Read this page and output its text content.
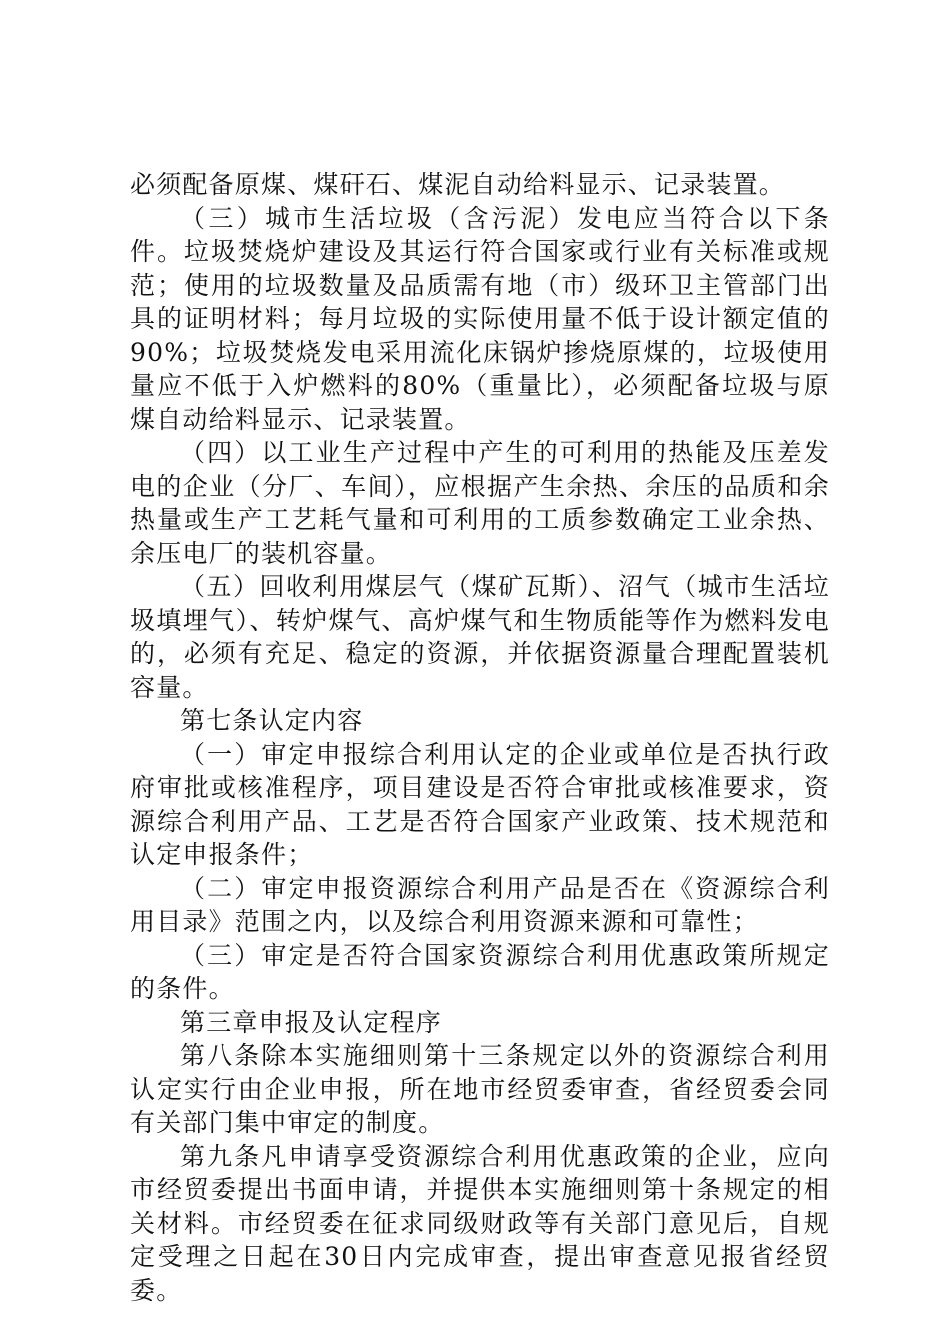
必须配备原煤、煤矸石、煤泥自动给料显示、记录装置。

（三）城市生活垃圾（含污泥）发电应当符合以下条件。垃圾焚烧炉建设及其运行符合国家或行业有关标准或规范；使用的垃圾数量及品质需有地（市）级环卫主管部门出具的证明材料；每月垃圾的实际使用量不低于设计额定值的90%；垃圾焚烧发电采用流化床锅炉掺烧原煤的，垃圾使用量应不低于入炉燃料的80%（重量比），必须配备垃圾与原煤自动给料显示、记录装置。

（四）以工业生产过程中产生的可利用的热能及压差发电的企业（分厂、车间），应根据产生余热、余压的品质和余热量或生产工艺耗气量和可利用的工质参数确定工业余热、余压电厂的装机容量。

（五）回收利用煤层气（煤矿瓦斯）、沼气（城市生活垃圾填埋气）、转炉煤气、高炉煤气和生物质能等作为燃料发电的，必须有充足、稳定的资源，并依据资源量合理配置装机容量。

第七条认定内容

（一）审定申报综合利用认定的企业或单位是否执行政府审批或核准程序，项目建设是否符合审批或核准要求，资源综合利用产品、工艺是否符合国家产业政策、技术规范和认定申报条件；

（二）审定申报资源综合利用产品是否在《资源综合利用目录》范围之内，以及综合利用资源来源和可靠性；

（三）审定是否符合国家资源综合利用优惠政策所规定的条件。

第三章申报及认定程序

第八条除本实施细则第十三条规定以外的资源综合利用认定实行由企业申报，所在地市经贸委审查，省经贸委会同有关部门集中审定的制度。

第九条凡申请享受资源综合利用优惠政策的企业，应向市经贸委提出书面申请，并提供本实施细则第十条规定的相关材料。市经贸委在征求同级财政等有关部门意见后，自规定受理之日起在30日内完成审查，提出审查意见报省经贸委。
